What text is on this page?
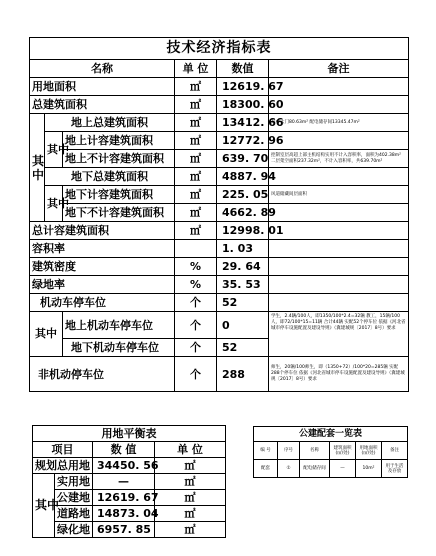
技术经济指标表					
名称			单 位	数值	备注
用地面积			㎡	12619. 67	
总建筑面积			㎡	18300. 60	
其
中	地上总建筑面积		㎡	13412. 66	其中大门80.63m² 配电储存间13345.47m²
	其中	地上计容建筑面积	㎡	12772. 96	
		地上不计容建筑面积	㎡	639. 70	控制室层高超上部主机结构实用不计入容积率，面积为402.38m² 二层架空面积237.32m²，不计入容积率，共639.70m²
	地下总建筑面积		㎡	4887. 94	
	其中	地下计容建筑面积	㎡	225. 05	风道储藏间层面积
		地下不计容建筑面积	㎡	4662. 89	
总计容建筑面积			㎡	12998. 01	
容积率				1. 03	
建筑密度			%	29. 64	
绿地率			%	35. 53	
机动车停车位			个	52	
其中		地上机动车停车位	个	0	学生，2.4辆/100人，即1350/100*2.4=32辆 教工，15辆/100人，即72/100*15=11辆 合计44辆 实配52个停车位 依据《河北省城市停车设施配置及建设导则》（冀建城规〔2017〕8号）要求
		地下机动车停车位	个	52	
非机动停车位			个	288	师生，20辆/100师生，即（1350+72）/100*20=285辆 实配288个停车位 依据《河北省城市停车设施配置及建设导则》（冀建城规〔2017〕8号）要求
用地平衡表			
项目		数 值	单 位
规划总用地		34450. 56	㎡
其中	实用地	—	㎡
	公建地	12619. 67	㎡
	道路地	14873. 04	㎡
	绿化地	6957. 85	㎡
公建配套一览表					
编 号	序号	名称	建筑面积(㎡/处)	用地面积(㎡/处)	备注
配套	①	配电储存间	—	10m²	用于生活及存放
